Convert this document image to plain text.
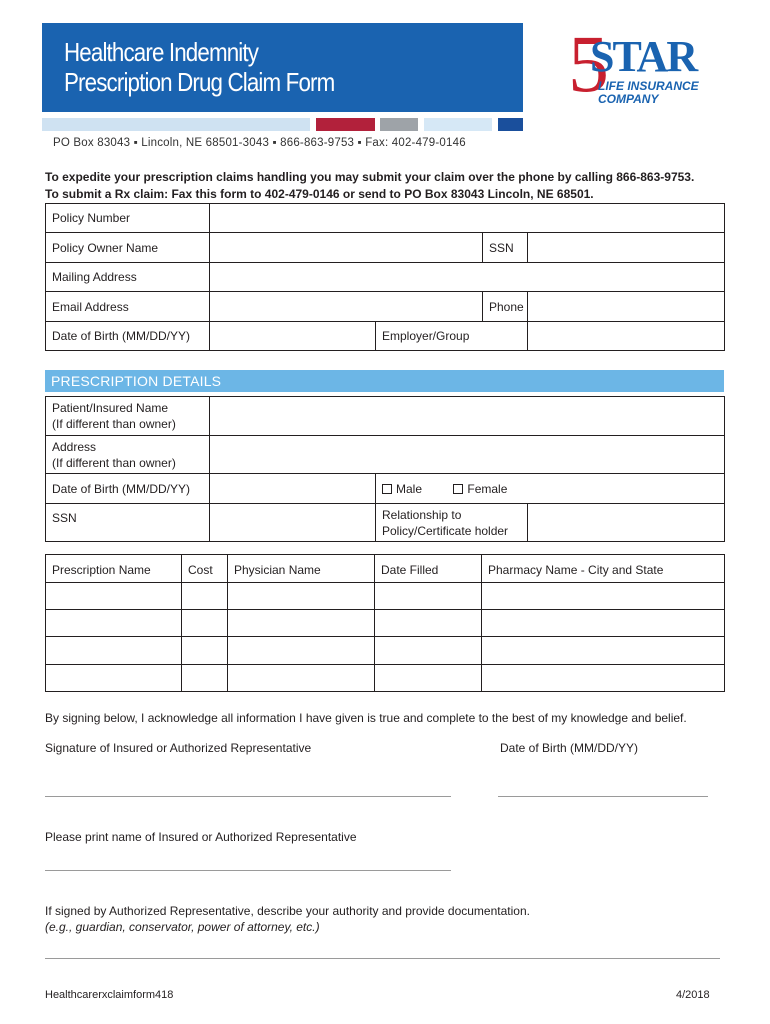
Healthcare Indemnity
Prescription Drug Claim Form	5
STAR
LIFE INSURANCE
COMPANY
PO Box 83043 ▪ Lincoln, NE 68501-3043 ▪ 866-863-9753 ▪ Fax: 402-479-0146
To expedite your prescription claims handling you may submit your claim over the phone by calling 866-863-9753.
To submit a Rx claim: Fax this form to 402-479-0146 or send to PO Box 83043 Lincoln, NE 68501.
Policy Number				
Policy Owner Name			SSN	
Mailing Address				
Email Address			Phone	
Date of Birth (MM/DD/YY)		Employer/Group		
PRESCRIPTION DETAILS
Patient/Insured Name
(If different than owner)			

Address
(If different than owner)			

Date of Birth (MM/DD/YY)		Male Female	
SSN		Relationship to
Policy/Certificate holder	

Prescription Name	Cost	Physician Name	Date Filled	Pharmacy Name - City and State

By signing below, I acknowledge all information I have given is true and complete to the best of my knowledge and belief.
Signature of Insured or Authorized Representative	Date of Birth (MM/DD/YY)
Please print name of Insured or Authorized Representative
If signed by Authorized Representative, describe your authority and provide documentation.
(e.g., guardian, conservator, power of attorney, etc.)
Healthcarerxclaimform418	4/2018
